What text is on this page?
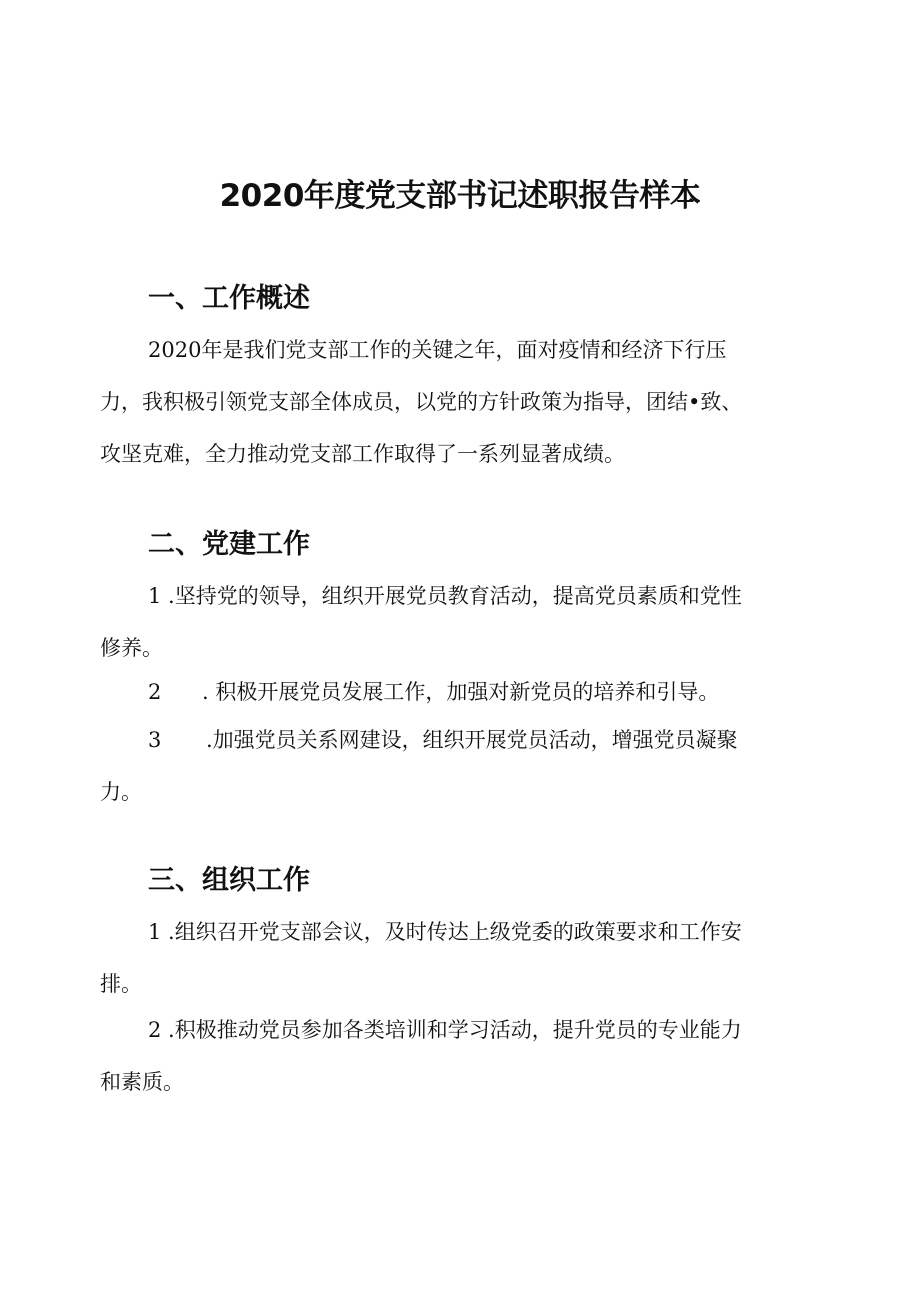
2020年度党支部书记述职报告样本
一、工作概述
2020年是我们党支部工作的关键之年，面对疫情和经济下行压
力，我积极引领党支部全体成员，以党的方针政策为指导，团结•致、
攻坚克难，全力推动党支部工作取得了一系列显著成绩。
二、党建工作
1 .坚持党的领导，组织开展党员教育活动，提高党员素质和党性
修养。
2 . 积极开展党员发展工作，加强对新党员的培养和引导。
3 .加强党员关系网建设，组织开展党员活动，增强党员凝聚
力。
三、组织工作
1 .组织召开党支部会议，及时传达上级党委的政策要求和工作安
排。
2 .积极推动党员参加各类培训和学习活动，提升党员的专业能力
和素质。
